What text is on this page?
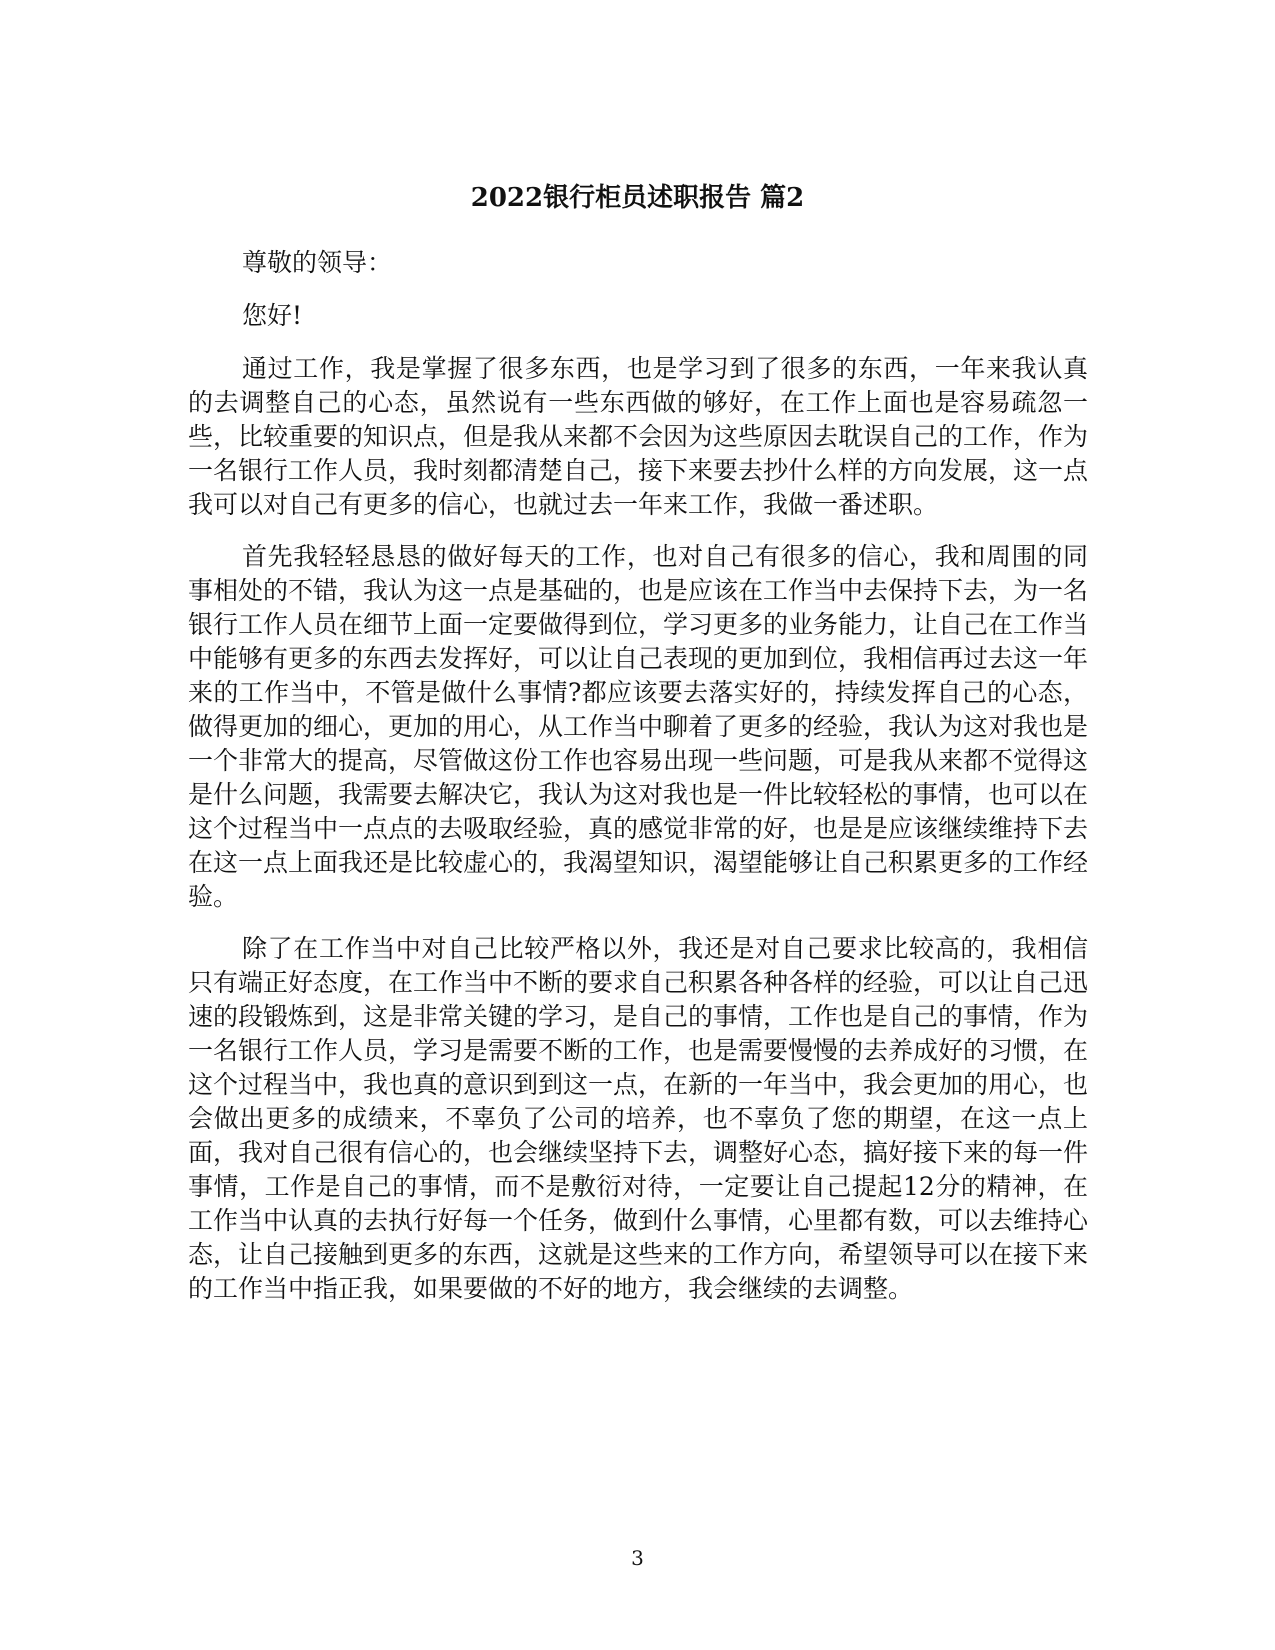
2022银行柜员述职报告 篇2

尊敬的领导：

您好!

通过工作，我是掌握了很多东西，也是学习到了很多的东西，一年来我认真的去调整自己的心态，虽然说有一些东西做的够好，在工作上面也是容易疏忽一些，比较重要的知识点，但是我从来都不会因为这些原因去耽误自己的工作，作为一名银行工作人员，我时刻都清楚自己，接下来要去抄什么样的方向发展，这一点我可以对自己有更多的信心，也就过去一年来工作，我做一番述职。

首先我轻轻恳恳的做好每天的工作，也对自己有很多的信心，我和周围的同事相处的不错，我认为这一点是基础的，也是应该在工作当中去保持下去，为一名银行工作人员在细节上面一定要做得到位，学习更多的业务能力，让自己在工作当中能够有更多的东西去发挥好，可以让自己表现的更加到位，我相信再过去这一年来的工作当中，不管是做什么事情?都应该要去落实好的，持续发挥自己的心态，做得更加的细心，更加的用心，从工作当中聊着了更多的经验，我认为这对我也是一个非常大的提高，尽管做这份工作也容易出现一些问题，可是我从来都不觉得这是什么问题，我需要去解决它，我认为这对我也是一件比较轻松的事情，也可以在这个过程当中一点点的去吸取经验，真的感觉非常的好，也是是应该继续维持下去在这一点上面我还是比较虚心的，我渴望知识，渴望能够让自己积累更多的工作经验。

除了在工作当中对自己比较严格以外，我还是对自己要求比较高的，我相信只有端正好态度，在工作当中不断的要求自己积累各种各样的经验，可以让自己迅速的段锻炼到，这是非常关键的学习，是自己的事情，工作也是自己的事情，作为一名银行工作人员，学习是需要不断的工作，也是需要慢慢的去养成好的习惯，在这个过程当中，我也真的意识到到这一点，在新的一年当中，我会更加的用心，也会做出更多的成绩来，不辜负了公司的培养，也不辜负了您的期望，在这一点上面，我对自己很有信心的，也会继续坚持下去，调整好心态，搞好接下来的每一件事情，工作是自己的事情，而不是敷衍对待，一定要让自己提起12分的精神，在工作当中认真的去执行好每一个任务，做到什么事情，心里都有数，可以去维持心态，让自己接触到更多的东西，这就是这些来的工作方向，希望领导可以在接下来的工作当中指正我，如果要做的不好的地方，我会继续的去调整。

3
